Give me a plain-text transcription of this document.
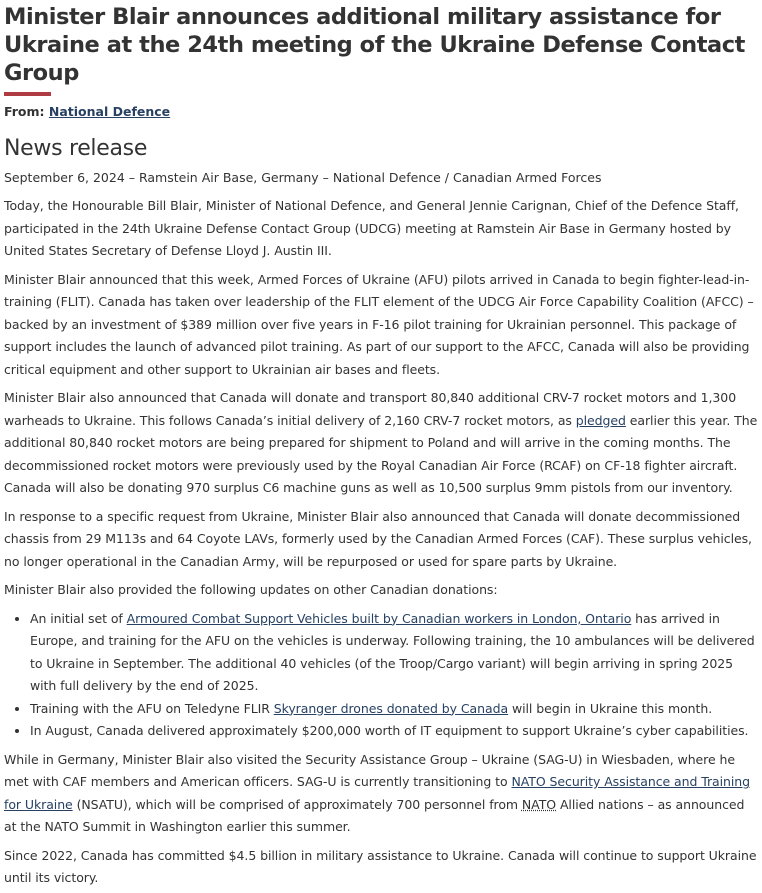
Minister Blair announces additional military assistance for Ukraine at the 24th meeting of the Ukraine Defense Contact Group
From: National Defence
News release
September 6, 2024 – Ramstein Air Base, Germany – National Defence / Canadian Armed Forces

Today, the Honourable Bill Blair, Minister of National Defence, and General Jennie Carignan, Chief of the Defence Staff, participated in the 24th Ukraine Defense Contact Group (UDCG) meeting at Ramstein Air Base in Germany hosted by United States Secretary of Defense Lloyd J. Austin III.

Minister Blair announced that this week, Armed Forces of Ukraine (AFU) pilots arrived in Canada to begin fighter-lead-in-training (FLIT). Canada has taken over leadership of the FLIT element of the UDCG Air Force Capability Coalition (AFCC) – backed by an investment of $389 million over five years in F-16 pilot training for Ukrainian personnel. This package of support includes the launch of advanced pilot training. As part of our support to the AFCC, Canada will also be providing critical equipment and other support to Ukrainian air bases and fleets.

Minister Blair also announced that Canada will donate and transport 80,840 additional CRV-7 rocket motors and 1,300 warheads to Ukraine. This follows Canada’s initial delivery of 2,160 CRV-7 rocket motors, as pledged earlier this year. The additional 80,840 rocket motors are being prepared for shipment to Poland and will arrive in the coming months. The decommissioned rocket motors were previously used by the Royal Canadian Air Force (RCAF) on CF-18 fighter aircraft. Canada will also be donating 970 surplus C6 machine guns as well as 10,500 surplus 9mm pistols from our inventory.

In response to a specific request from Ukraine, Minister Blair also announced that Canada will donate decommissioned chassis from 29 M113s and 64 Coyote LAVs, formerly used by the Canadian Armed Forces (CAF). These surplus vehicles, no longer operational in the Canadian Army, will be repurposed or used for spare parts by Ukraine.

Minister Blair also provided the following updates on other Canadian donations:

• An initial set of Armoured Combat Support Vehicles built by Canadian workers in London, Ontario has arrived in Europe, and training for the AFU on the vehicles is underway. Following training, the 10 ambulances will be delivered to Ukraine in September. The additional 40 vehicles (of the Troop/Cargo variant) will begin arriving in spring 2025 with full delivery by the end of 2025.
• Training with the AFU on Teledyne FLIR Skyranger drones donated by Canada will begin in Ukraine this month.
• In August, Canada delivered approximately $200,000 worth of IT equipment to support Ukraine’s cyber capabilities.

While in Germany, Minister Blair also visited the Security Assistance Group – Ukraine (SAG-U) in Wiesbaden, where he met with CAF members and American officers. SAG-U is currently transitioning to NATO Security Assistance and Training for Ukraine (NSATU), which will be comprised of approximately 700 personnel from NATO Allied nations – as announced at the NATO Summit in Washington earlier this summer.

Since 2022, Canada has committed $4.5 billion in military assistance to Ukraine. Canada will continue to support Ukraine until its victory.
